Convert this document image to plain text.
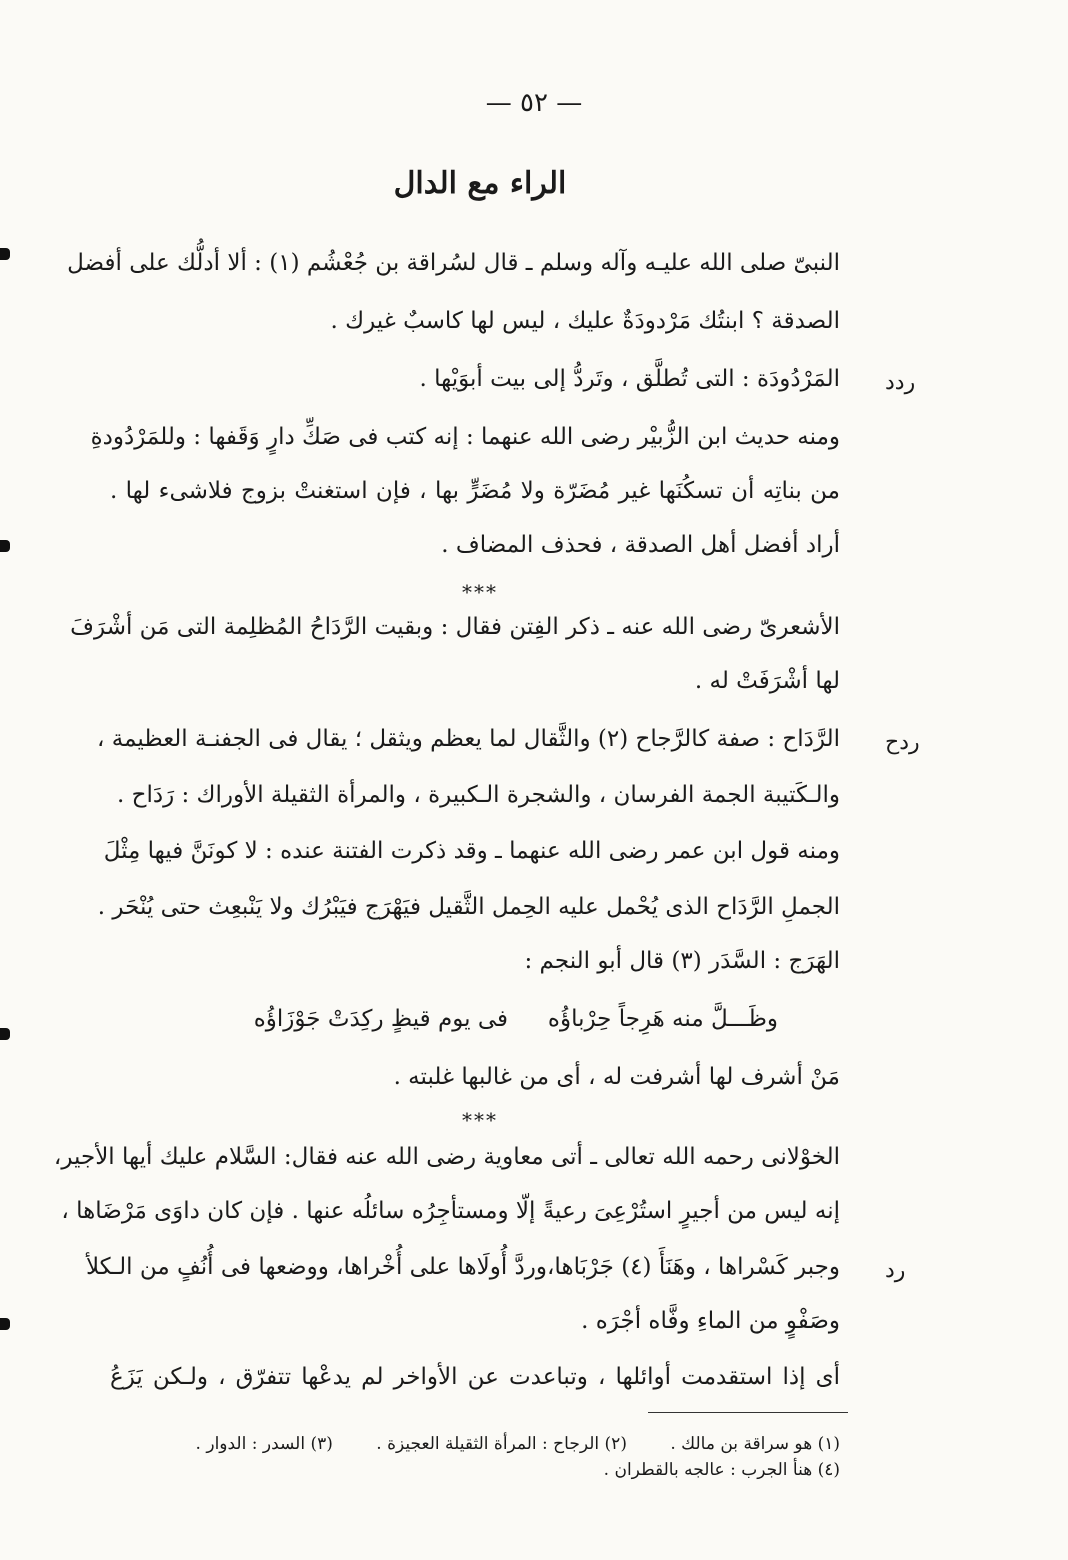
— ٥٢ —
الراء مع الدال
النبىّ صلى الله عليـه وآله وسلم ـ قال لسُراقة بن جُعْشُم (١) : ألا أدلُّك على أفضل
الصدقة ؟ ابنتُك مَرْدودَةٌ عليك ، ليس لها كاسبٌ غيرك .
ردد
المَرْدُودَة : التى تُطلَّق ، وتَردُّ إلى بيت أبوَيْها .
ومنه حديث ابن الزُّبيْر رضى الله عنهما : إنه كتب فى صَكِّ دارٍ وَقَفها : وللمَرْدُودةِ
من بناتِه أن تسكُنَها غير مُضَرّة ولا مُضَرٍّ بها ، فإن استغنتْ بزوج فلاشىء لها .
أراد أفضل أهل الصدقة ، فحذف المضاف .
***
الأشعرىّ رضى الله عنه ـ ذكر الفِتن فقال : وبقيت الرَّدَاحُ المُظلِمة التى مَن أشْرَفَ
لها أشْرَفَتْ له .
ردح
الرَّدَاح : صفة كالرَّجاح (٢) والثَّقال لما يعظم ويثقل ؛ يقال فى الجفنـة العظيمة ،
والـكَتيبة الجمة الفرسان ، والشجرة الـكبيرة ، والمرأة الثقيلة الأوراك : رَدَاح .
ومنه قول ابن عمر رضى الله عنهما ـ وقد ذكرت الفتنة عنده : لا كونَنَّ فيها مِثْلَ
الجملِ الرَّدَاح الذى يُحْمل عليه الحِمل الثَّقيل فيَهْرَج فيَبْرُك ولا يَنْبعِث حتى يُنْحَر .
الهَرَج : السَّدَر (٣) قال أبو النجم :
فى يوم قيظٍ ركِدَتْ جَوْزَاؤُه وظَـــلَّ منه هَرِجاً حِرْباؤُه
مَنْ أشرف لها أشرفت له ، أى من غالبها غلبته .
***
الخوْلانى رحمه الله تعالى ـ أتى معاوية رضى الله عنه فقال: السَّلام عليك أيها الأجير،
إنه ليس من أجيرٍ استُرْعِىَ رعيةً إلّا ومستأجِرُه سائلُه عنها . فإن كان داوَى مَرْضَاها ،
رد
وجبر كَسْراها ، وهَنَأَ (٤) جَرْبَاها،وردَّ أُولَاها على أُخْراها، ووضعها فى أُنُفٍ من الـكلأ
وصَفْوٍ من الماءِ وفَّاه أجْرَه .
أى إذا استقدمت أوائلها ، وتباعدت عن الأواخر لم يدعْها تتفرّق ، ولـكن يَزَعُ
(١) هو سراقة بن مالك . (٢) الرجاح : المرأة الثقيلة العجيزة . (٣) السدر : الدوار .
(٤) هنأ الجرب : عالجه بالقطران .
